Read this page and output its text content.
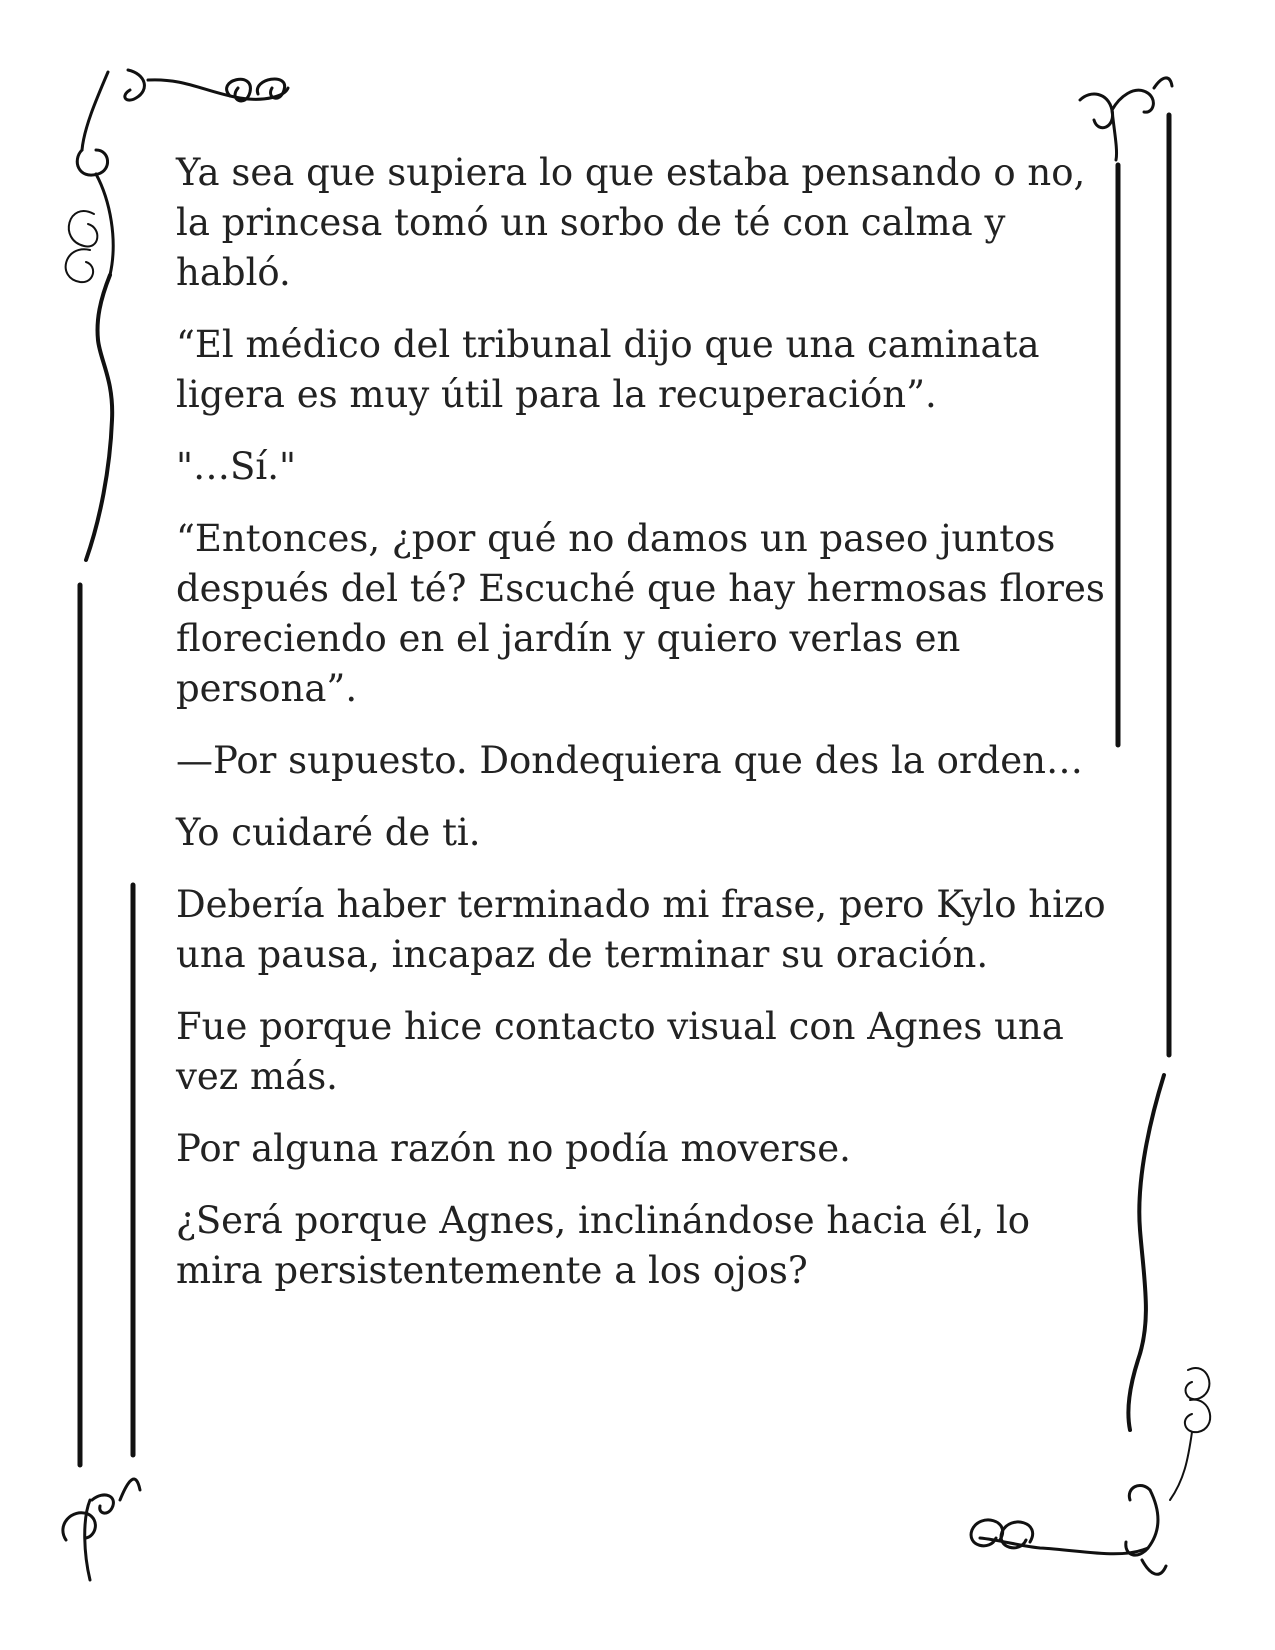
Ya sea que supiera lo que estaba pensando o no, la princesa tomó un sorbo de té con calma y habló.

“El médico del tribunal dijo que una caminata ligera es muy útil para la recuperación”.

"…Sí."

“Entonces, ¿por qué no damos un paseo juntos después del té? Escuché que hay hermosas flores floreciendo en el jardín y quiero verlas en persona”.

—Por supuesto. Dondequiera que des la orden…

Yo cuidaré de ti.

Debería haber terminado mi frase, pero Kylo hizo una pausa, incapaz de terminar su oración.

Fue porque hice contacto visual con Agnes una vez más.

Por alguna razón no podía moverse.

¿Será porque Agnes, inclinándose hacia él, lo mira persistentemente a los ojos?
